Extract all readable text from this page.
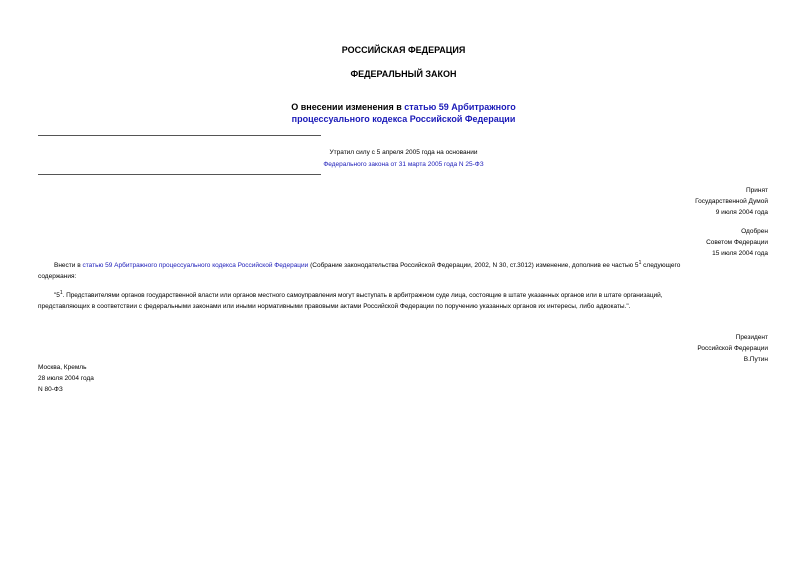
РОССИЙСКАЯ ФЕДЕРАЦИЯ
ФЕДЕРАЛЬНЫЙ ЗАКОН
О внесении изменения в статью 59 Арбитражного
процессуального кодекса Российской Федерации
Утратил силу с 5 апреля 2005 года на основании
Федерального закона от 31 марта 2005 года N 25-ФЗ
Принят
Государственной Думой
9 июля 2004 года
Одобрен
Советом Федерации
15 июля 2004 года
Внести в статью 59 Арбитражного процессуального кодекса Российской Федерации (Собрание законодательства Российской Федерации, 2002, N 30, ст.3012) изменение, дополнив ее частью $5^1$ следующего
содержания:
"$5^1$. Представителями органов государственной власти или органов местного самоуправления могут выступать в арбитражном суде лица, состоящие в штате указанных органов или в штате организаций,
представляющих в соответствии с федеральными законами или иными нормативными правовыми актами Российской Федерации по поручению указанных органов их интересы, либо адвокаты.".
Президент
Российской Федерации
В.Путин
Москва, Кремль
28 июля 2004 года
N 80-ФЗ
